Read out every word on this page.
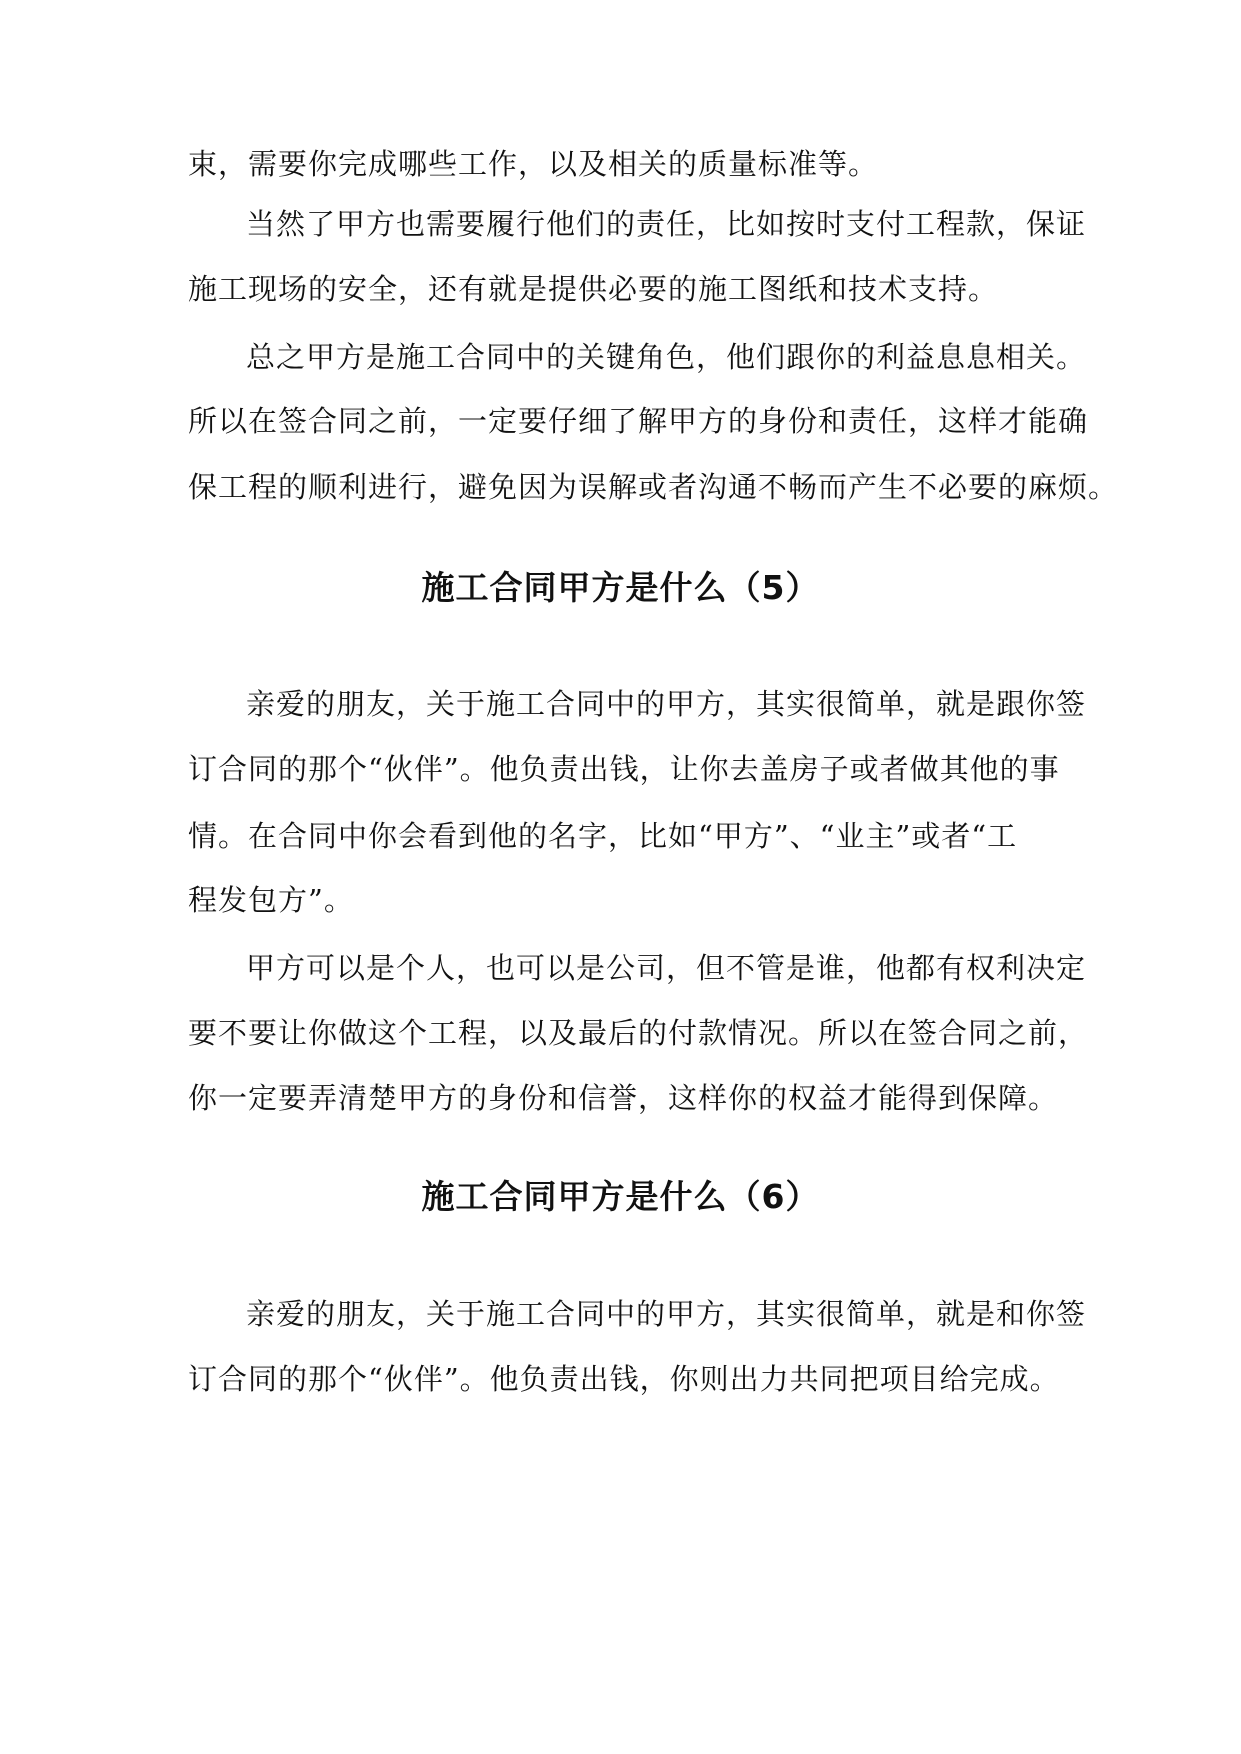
束，需要你完成哪些工作，以及相关的质量标准等。
当然了甲方也需要履行他们的责任，比如按时支付工程款，保证
施工现场的安全，还有就是提供必要的施工图纸和技术支持。
总之甲方是施工合同中的关键角色，他们跟你的利益息息相关。
所以在签合同之前，一定要仔细了解甲方的身份和责任，这样才能确
保工程的顺利进行，避免因为误解或者沟通不畅而产生不必要的麻烦。
施工合同甲方是什么（5）
亲爱的朋友，关于施工合同中的甲方，其实很简单，就是跟你签
订合同的那个“伙伴”。他负责出钱，让你去盖房子或者做其他的事
情。在合同中你会看到他的名字，比如“甲方”、“业主”或者“工
程发包方”。
甲方可以是个人，也可以是公司，但不管是谁，他都有权利决定
要不要让你做这个工程，以及最后的付款情况。所以在签合同之前，
你一定要弄清楚甲方的身份和信誉，这样你的权益才能得到保障。
施工合同甲方是什么（6）
亲爱的朋友，关于施工合同中的甲方，其实很简单，就是和你签
订合同的那个“伙伴”。他负责出钱，你则出力共同把项目给完成。
